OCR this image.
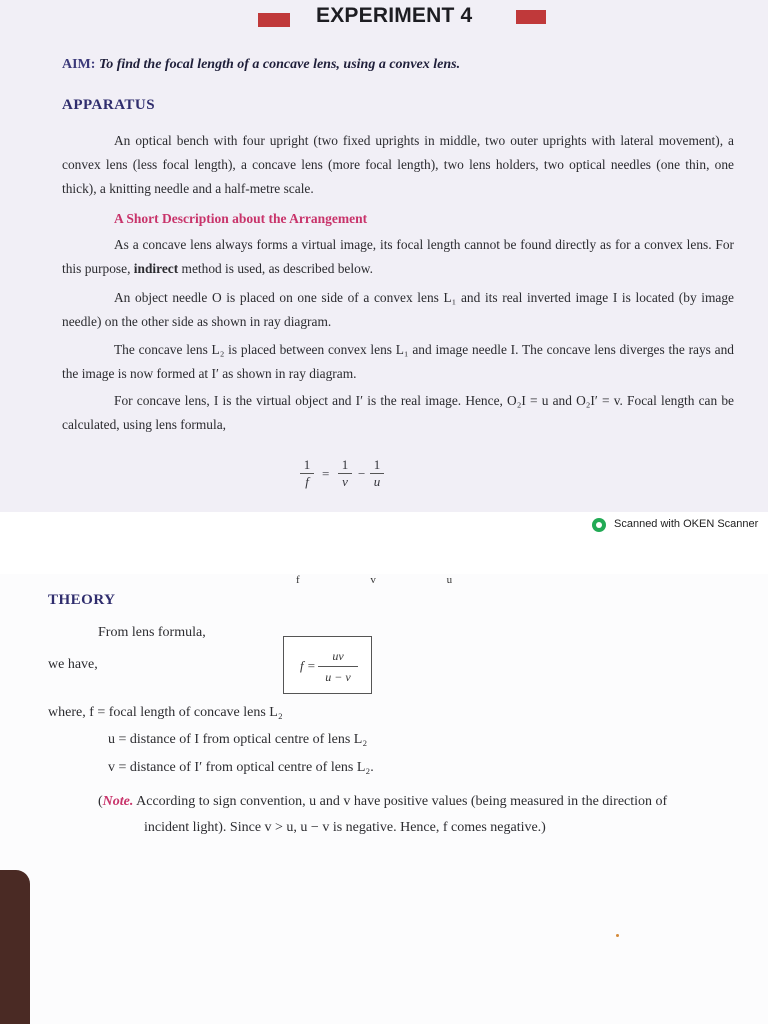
EXPERIMENT 4
AIM: To find the focal length of a concave lens, using a convex lens.
APPARATUS
An optical bench with four upright (two fixed uprights in middle, two outer uprights with lateral movement), a convex lens (less focal length), a concave lens (more focal length), two lens holders, two optical needles (one thin, one thick), a knitting needle and a half-metre scale.
A Short Description about the Arrangement
As a concave lens always forms a virtual image, its focal length cannot be found directly as for a convex lens. For this purpose, indirect method is used, as described below.
An object needle O is placed on one side of a convex lens L₁ and its real inverted image I is located (by image needle) on the other side as shown in ray diagram.
The concave lens L₂ is placed between convex lens L₁ and image needle I. The concave lens diverges the rays and the image is now formed at I′ as shown in ray diagram.
For concave lens, I is the virtual object and I′ is the real image. Hence, O₂I = u and O₂I′ = v. Focal length can be calculated, using lens formula,
$\frac{1}{f} = \frac{1}{v} - \frac{1}{u}$
Scanned with OKEN Scanner
f v u
THEORY
From lens formula,
we have,	$f = \frac{uv}{u - v}$
where, f = focal length of concave lens L₂
u = distance of I from optical centre of lens L₂
v = distance of I′ from optical centre of lens L₂.
(Note. According to sign convention, u and v have positive values (being measured in the direction of
incident light). Since v > u, u − v is negative. Hence, f comes negative.)
